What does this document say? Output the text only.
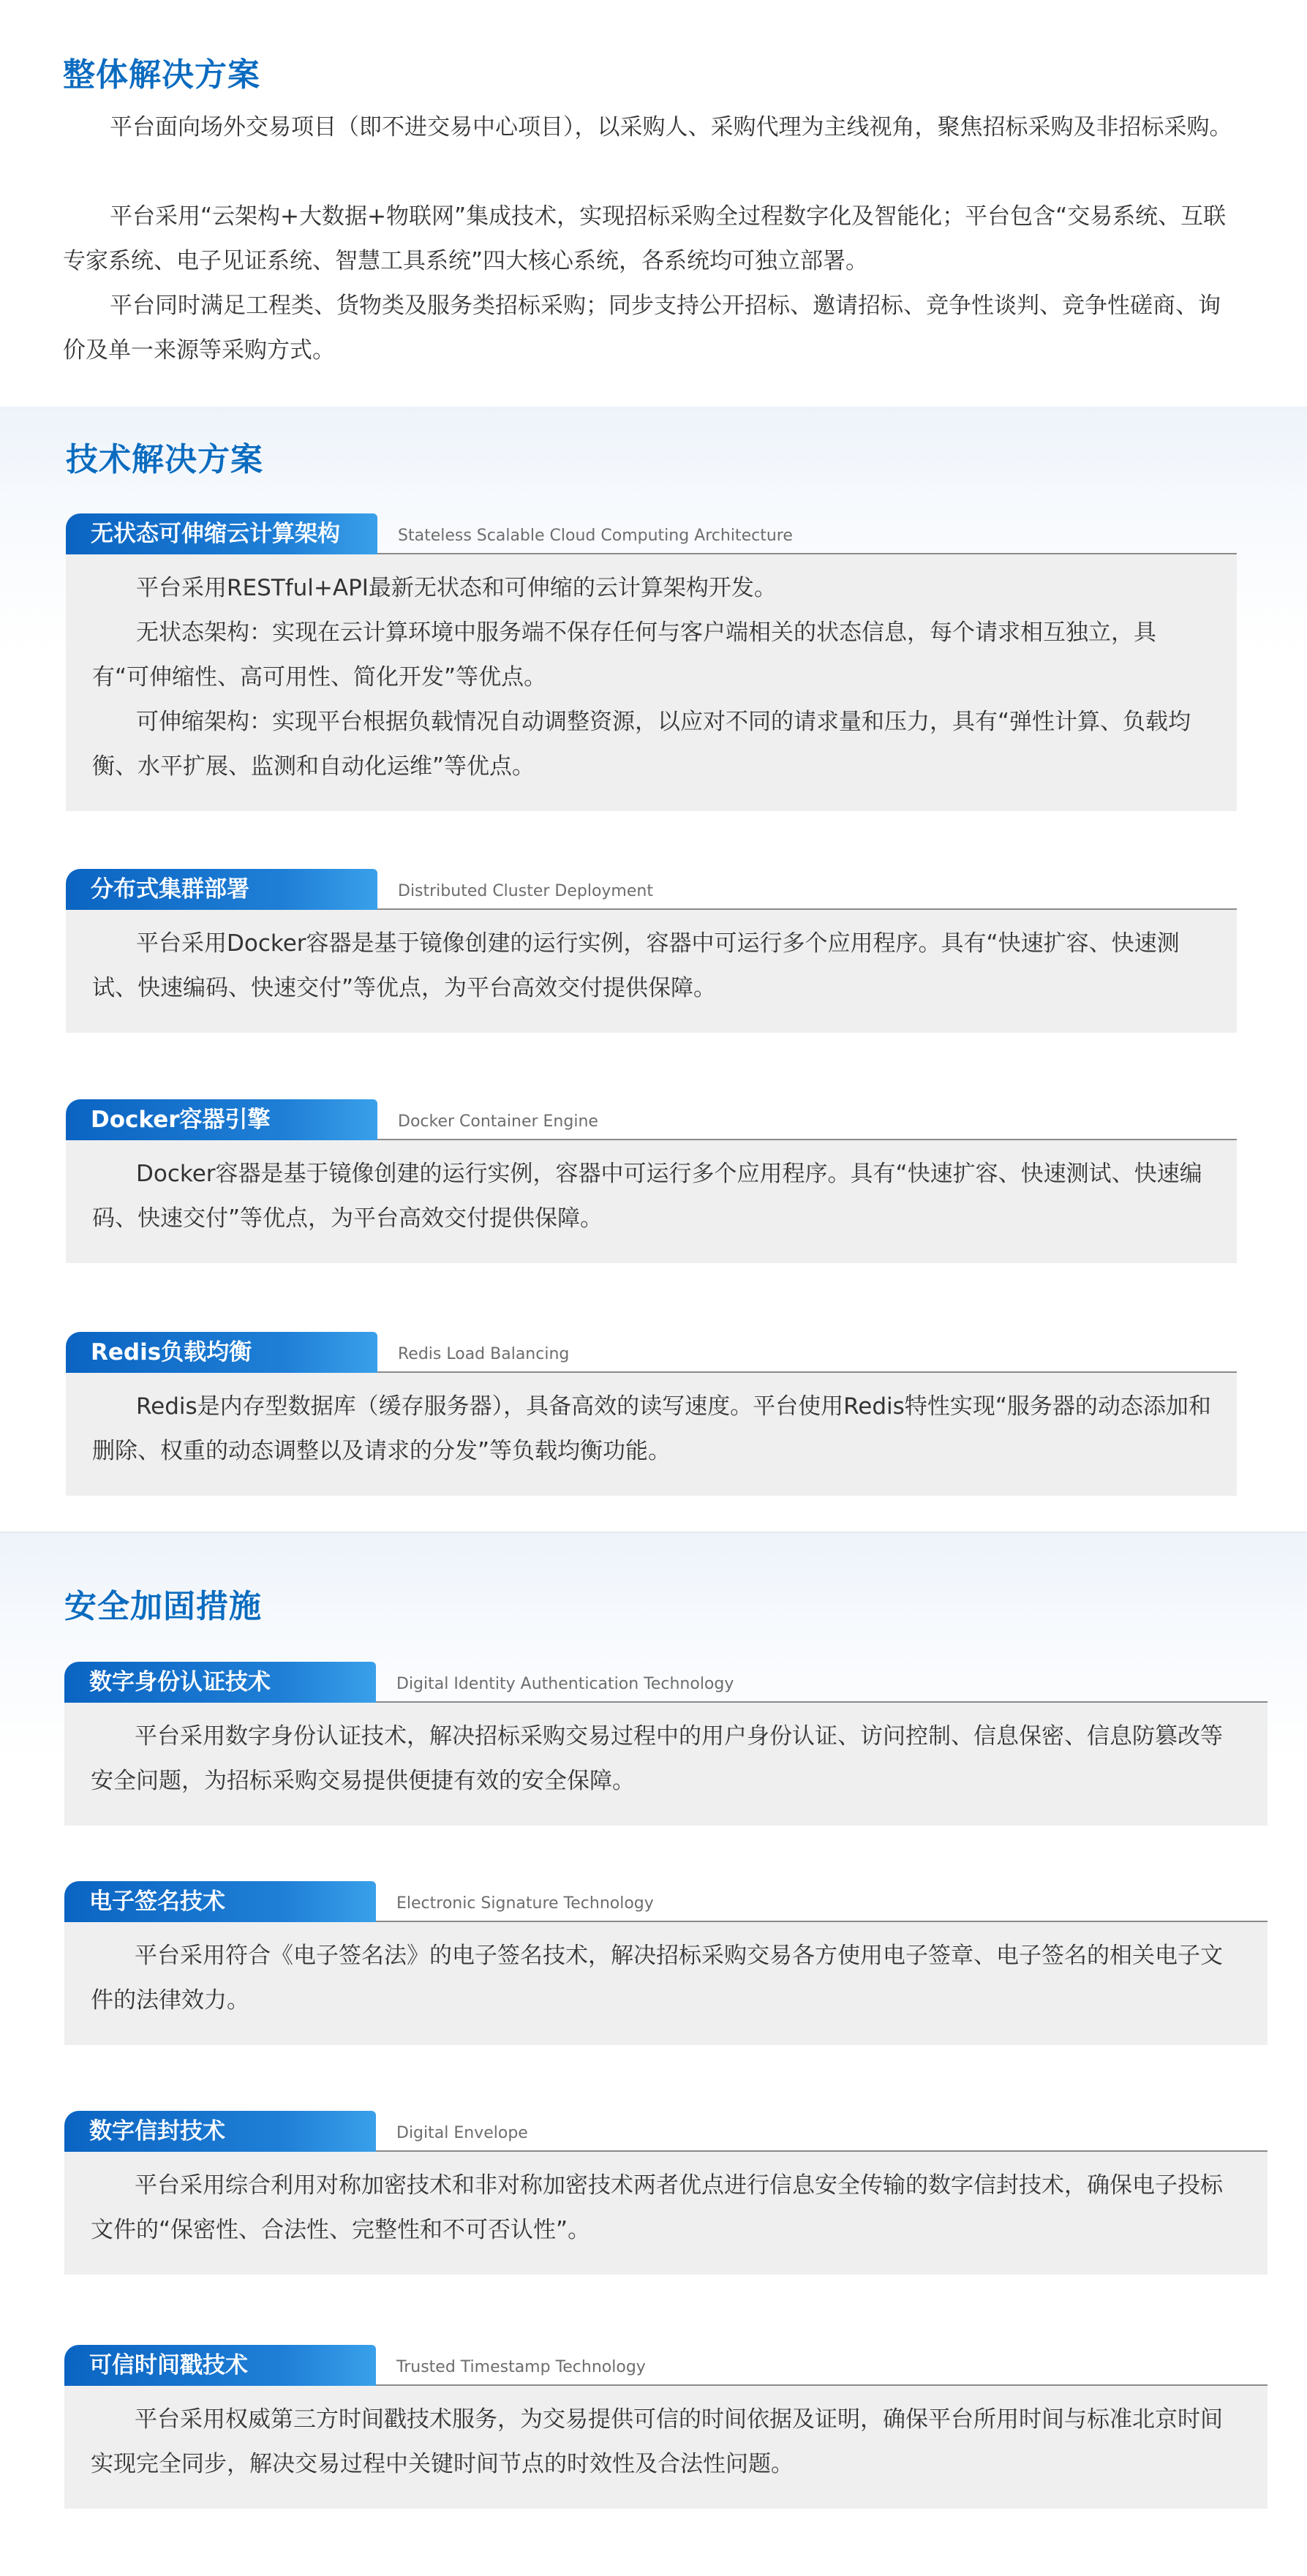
整体解决方案

平台面向场外交易项目（即不进交易中心项目），以采购人、采购代理为主线视角，聚焦招标采购及非招标采购。

平台采用“云架构+大数据+物联网”集成技术，实现招标采购全过程数字化及智能化；平台包含“交易系统、互联专家系统、电子见证系统、智慧工具系统”四大核心系统，各系统均可独立部署。

平台同时满足工程类、货物类及服务类招标采购；同步支持公开招标、邀请招标、竞争性谈判、竞争性磋商、询价及单一来源等采购方式。

技术解决方案
无状态可伸缩云计算架构	Stateless Scalable Cloud Computing Architecture

平台采用RESTful+API最新无状态和可伸缩的云计算架构开发。

无状态架构：实现在云计算环境中服务端不保存任何与客户端相关的状态信息，每个请求相互独立，具有“可伸缩性、高可用性、简化开发”等优点。

可伸缩架构：实现平台根据负载情况自动调整资源，以应对不同的请求量和压力，具有“弹性计算、负载均衡、水平扩展、监测和自动化运维”等优点。

分布式集群部署	Distributed Cluster Deployment

平台采用Docker容器是基于镜像创建的运行实例，容器中可运行多个应用程序。具有“快速扩容、快速测试、快速编码、快速交付”等优点，为平台高效交付提供保障。

Docker容器引擎	Docker Container Engine

Docker容器是基于镜像创建的运行实例，容器中可运行多个应用程序。具有“快速扩容、快速测试、快速编码、快速交付”等优点，为平台高效交付提供保障。

Redis负载均衡	Redis Load Balancing

Redis是内存型数据库（缓存服务器），具备高效的读写速度。平台使用Redis特性实现“服务器的动态添加和删除、权重的动态调整以及请求的分发”等负载均衡功能。

安全加固措施
数字身份认证技术	Digital Identity Authentication Technology

平台采用数字身份认证技术，解决招标采购交易过程中的用户身份认证、访问控制、信息保密、信息防篡改等安全问题，为招标采购交易提供便捷有效的安全保障。

电子签名技术	Electronic Signature Technology

平台采用符合《电子签名法》的电子签名技术，解决招标采购交易各方使用电子签章、电子签名的相关电子文件的法律效力。

数字信封技术	Digital Envelope

平台采用综合利用对称加密技术和非对称加密技术两者优点进行信息安全传输的数字信封技术，确保电子投标文件的“保密性、合法性、完整性和不可否认性”。

可信时间戳技术	Trusted Timestamp Technology

平台采用权威第三方时间戳技术服务，为交易提供可信的时间依据及证明，确保平台所用时间与标准北京时间实现完全同步，解决交易过程中关键时间节点的时效性及合法性问题。
